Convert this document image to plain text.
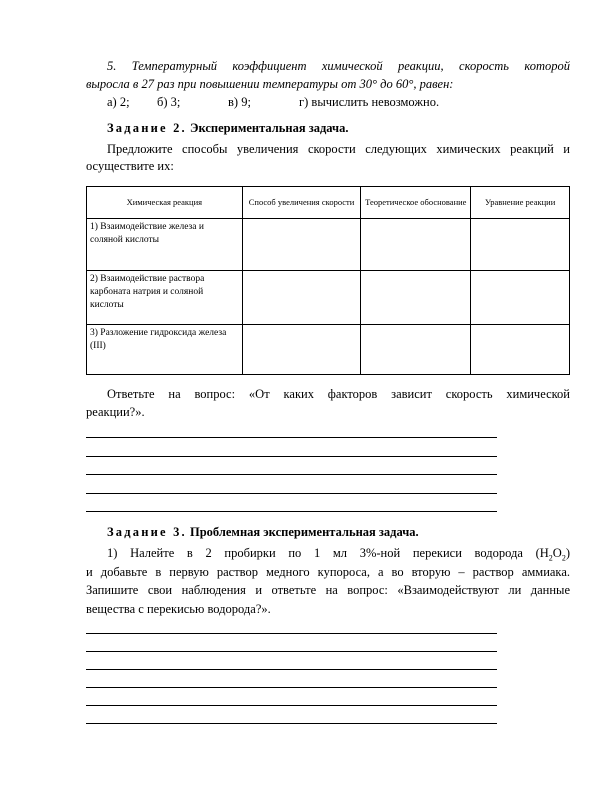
5. Температурный коэффициент химической реакции, скорость которой
выросла в 27 раз при повышении температуры от 30° до 60°, равен:
а) 2; б) 3;	в) 9;	г) вычислить невозможно.
Задание 2. Экспериментальная задача.
Предложите способы увеличения скорости следующих химических реакций и
осуществите их:
Химическая реакция	Способ увеличения скорости	Теоретическое обоснование	Уравнение реакции
1) Взаимодействие железа и соляной кислоты			
2) Взаимодействие раствора карбоната натрия и соляной кислоты			
3) Разложение гидроксида железа (III)			
Ответьте на вопрос: «От каких факторов зависит скорость химической
реакции?».
Задание 3. Проблемная экспериментальная задача.
1) Налейте в 2 пробирки по 1 мл 3%-ной перекиси водорода $(H_2O_2)$
и добавьте в первую раствор медного купороса, а во вторую – раствор аммиака.
Запишите свои наблюдения и ответьте на вопрос: «Взаимодействуют ли данные
вещества с перекисью водорода?».
